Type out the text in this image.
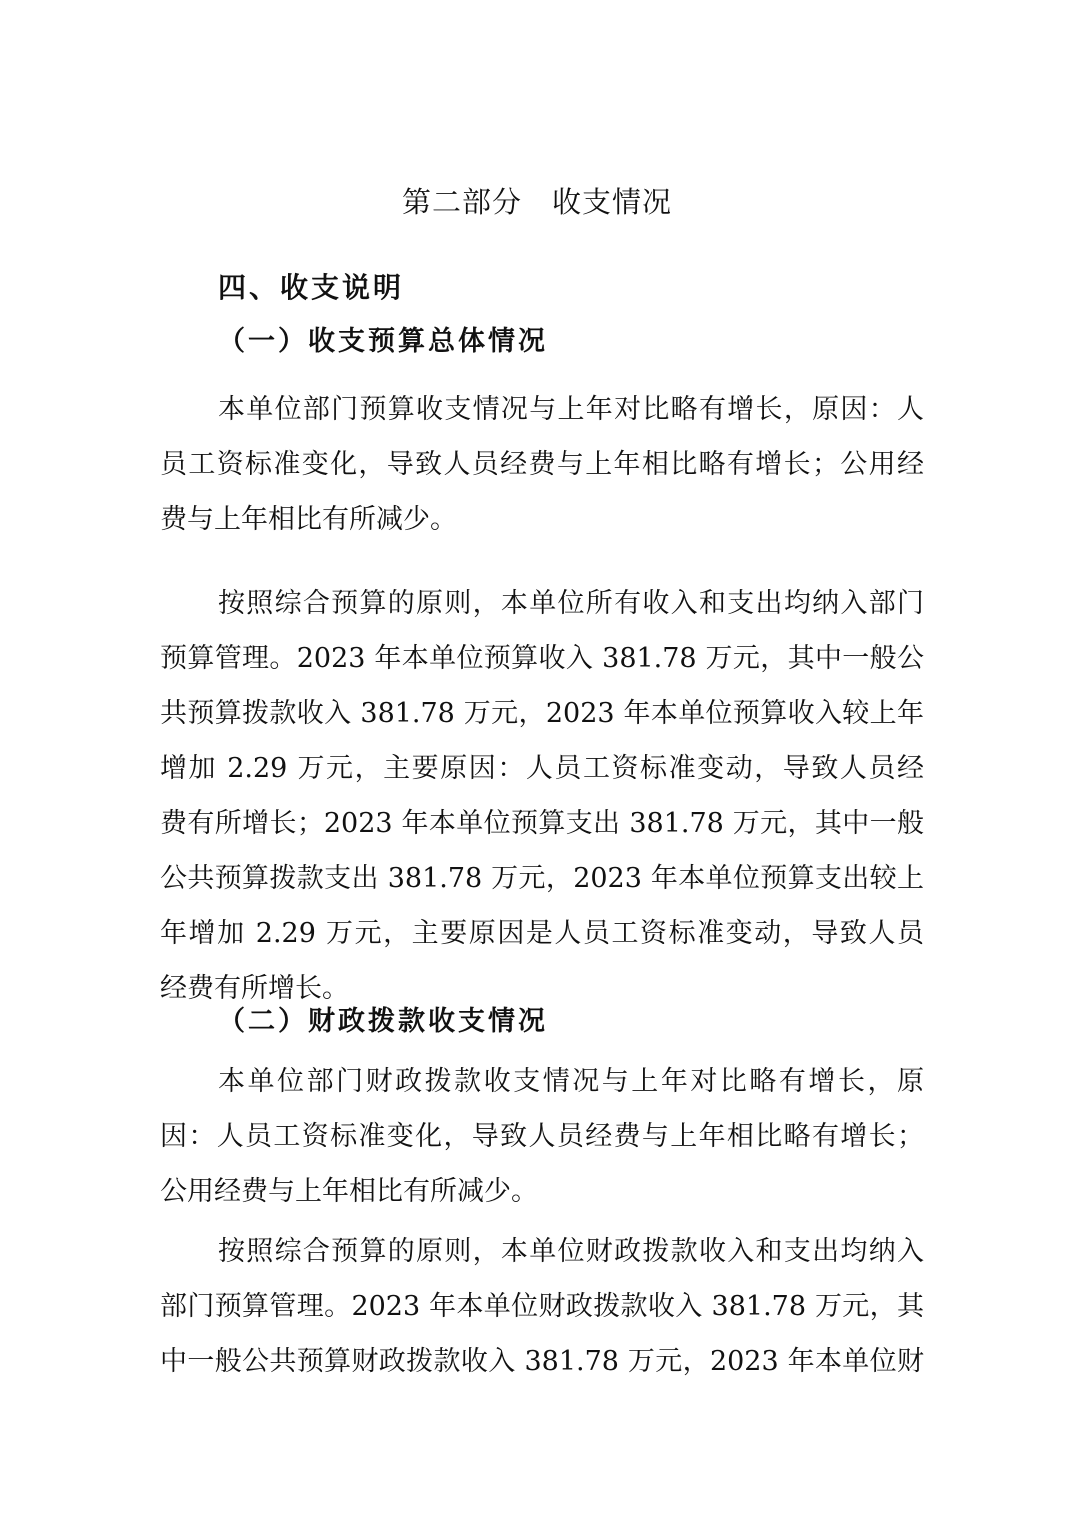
第二部分 收支情况
四、收支说明
（一）收支预算总体情况
本单位部门预算收支情况与上年对比略有增长，原因：人
员工资标准变化，导致人员经费与上年相比略有增长；公用经
费与上年相比有所减少。
按照综合预算的原则，本单位所有收入和支出均纳入部门
预算管理。2023 年本单位预算收入 381.78 万元，其中一般公
共预算拨款收入 381.78 万元，2023 年本单位预算收入较上年
增加 2.29 万元，主要原因：人员工资标准变动，导致人员经
费有所增长；2023 年本单位预算支出 381.78 万元，其中一般
公共预算拨款支出 381.78 万元，2023 年本单位预算支出较上
年增加 2.29 万元，主要原因是人员工资标准变动，导致人员
经费有所增长。
（二）财政拨款收支情况
本单位部门财政拨款收支情况与上年对比略有增长，原
因：人员工资标准变化，导致人员经费与上年相比略有增长；
公用经费与上年相比有所减少。
按照综合预算的原则，本单位财政拨款收入和支出均纳入
部门预算管理。2023 年本单位财政拨款收入 381.78 万元，其
中一般公共预算财政拨款收入 381.78 万元，2023 年本单位财
